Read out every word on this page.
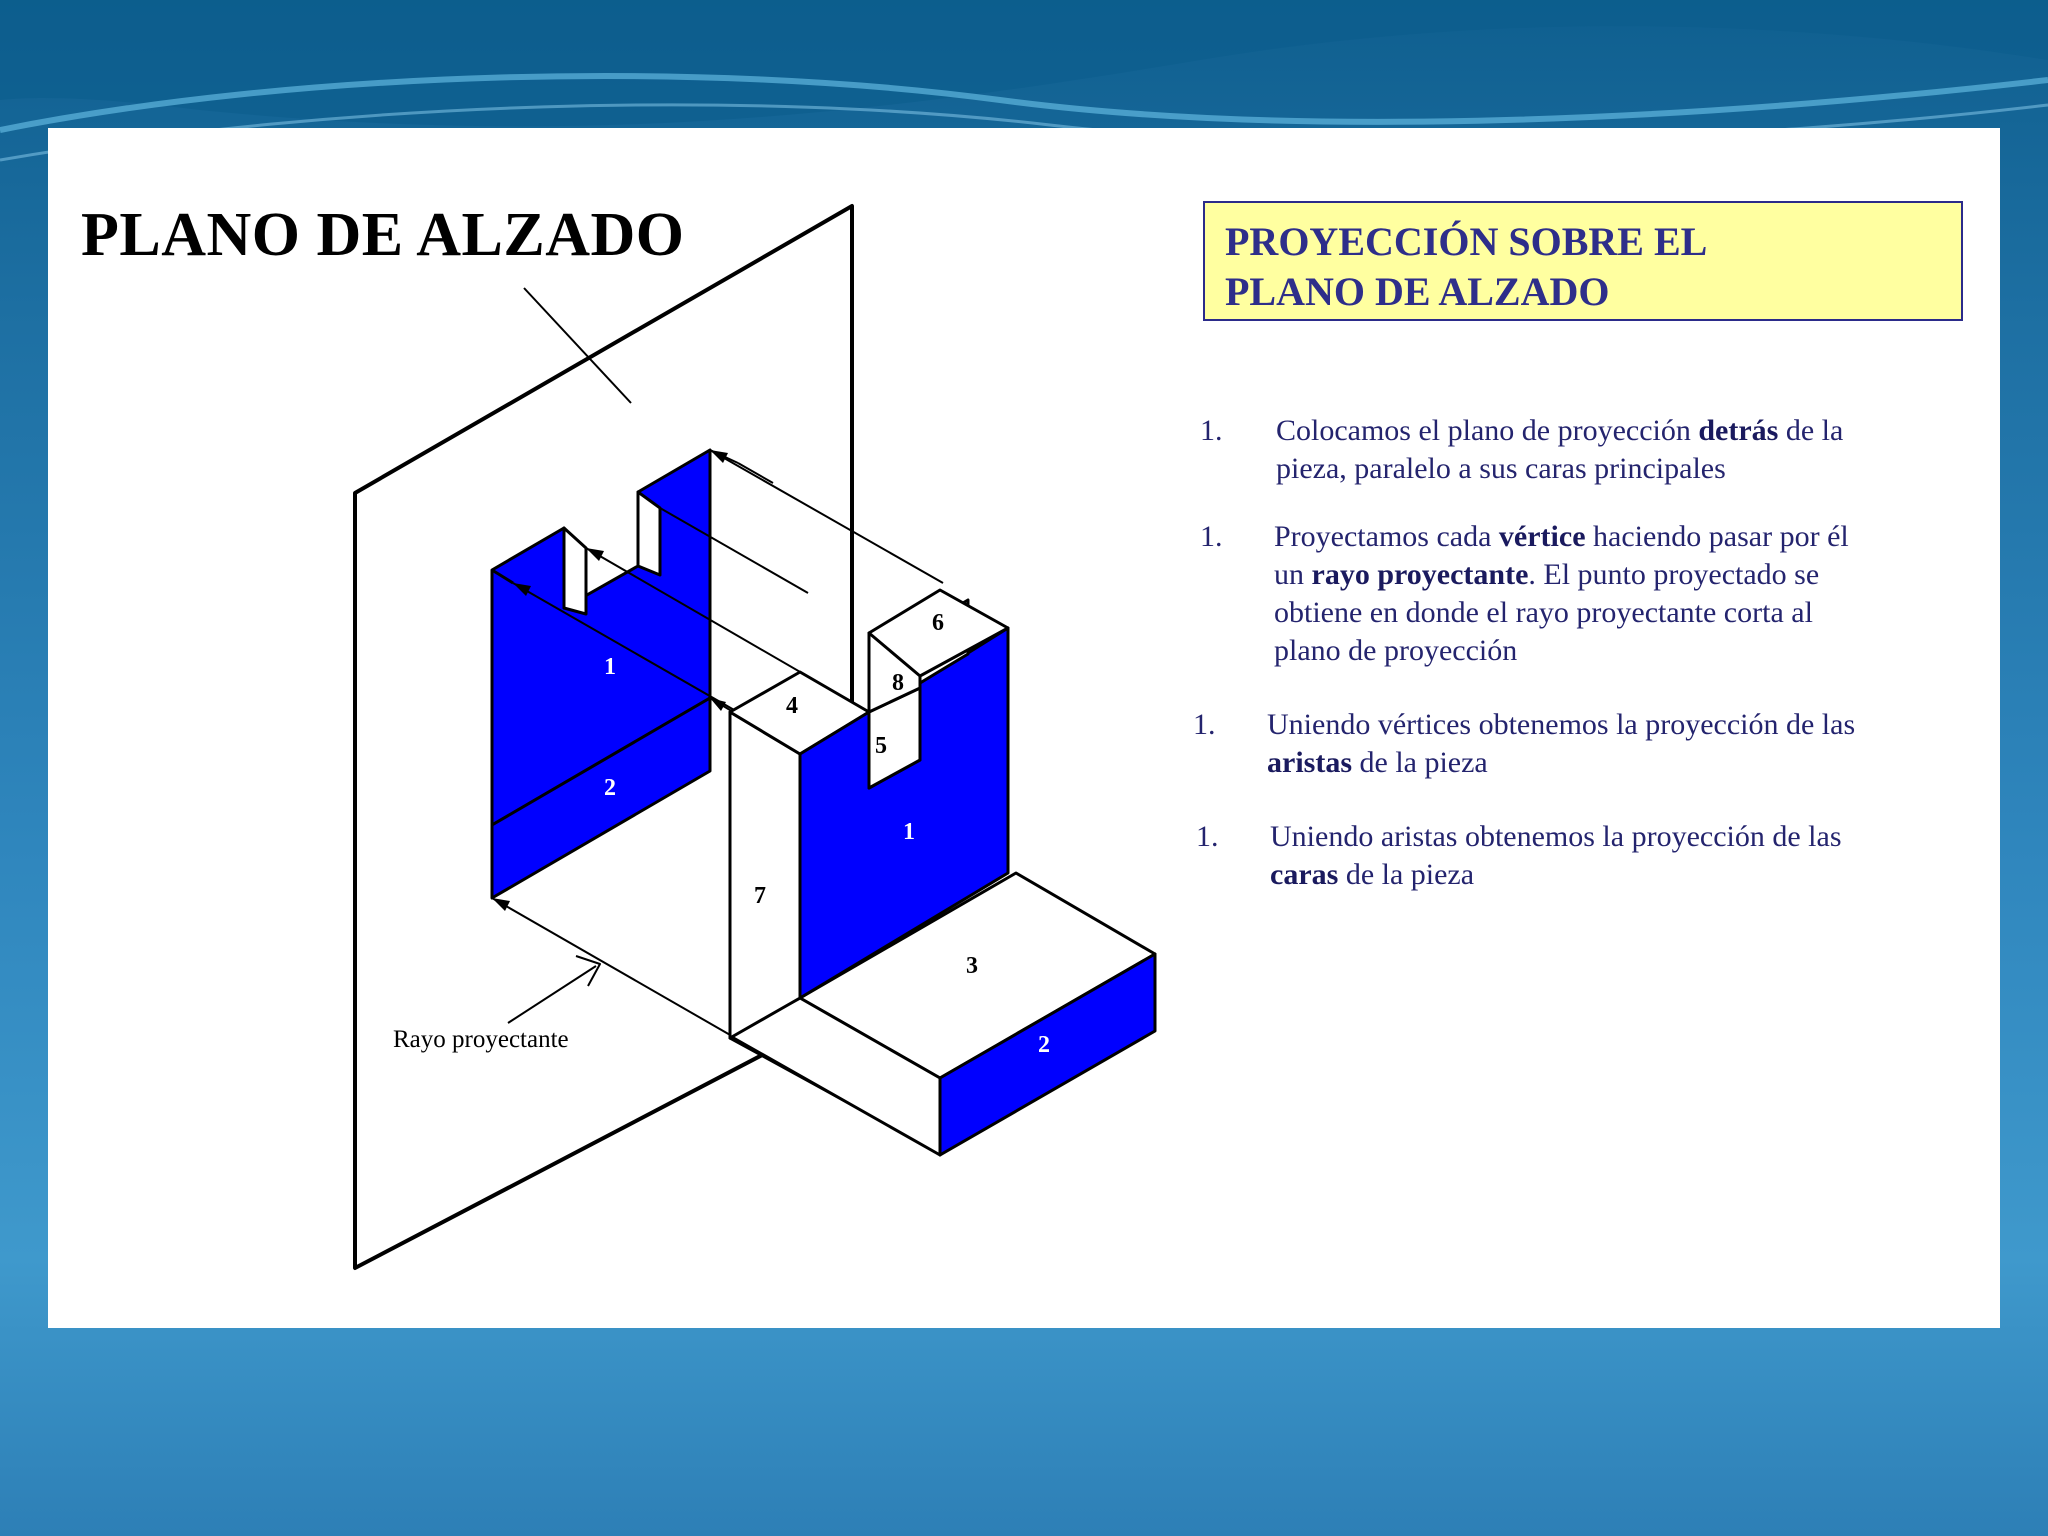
1
2
1
2
3
4
5
6
7
8
PLANO DE ALZADO
Rayo proyectante
PROYECCIÓN SOBRE EL
PLANO DE ALZADO
1. Colocamos el plano de proyección detrás de la
pieza, paralelo a sus caras principales
1. Proyectamos cada vértice haciendo pasar por él
un rayo proyectante. El punto proyectado se
obtiene en donde el rayo proyectante corta al
plano de proyección
1. Uniendo vértices obtenemos la proyección de las
aristas de la pieza
1. Uniendo aristas obtenemos la proyección de las
caras de la pieza
